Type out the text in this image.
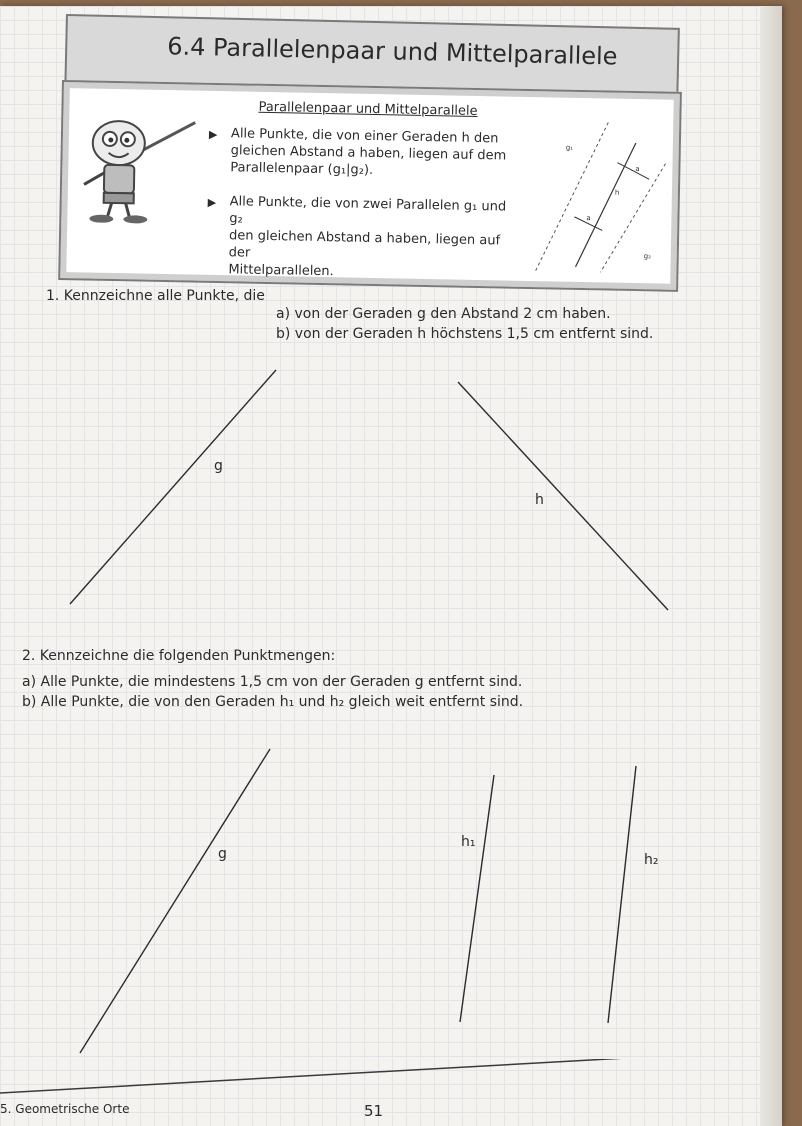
6.4 Parallelenpaar und Mittelparallele
Parallelenpaar und Mittelparallele
▶ Alle Punkte, die von einer Geraden h den
gleichen Abstand a haben, liegen auf dem
Parallelenpaar (g₁|g₂).
▶ Alle Punkte, die von zwei Parallelen g₁ und g₂
den gleichen Abstand a haben, liegen auf der
Mittelparallelen.
g₁
g₂
h
a
a
1. Kennzeichne alle Punkte, die
a) von der Geraden g den Abstand 2 cm haben.
b) von der Geraden h höchstens 1,5 cm entfernt sind.
g
h
2. Kennzeichne die folgenden Punktmengen:
a) Alle Punkte, die mindestens 1,5 cm von der Geraden g entfernt sind.
b) Alle Punkte, die von den Geraden h₁ und h₂ gleich weit entfernt sind.
g
h₁
h₂
5. Geometrische Orte	51
